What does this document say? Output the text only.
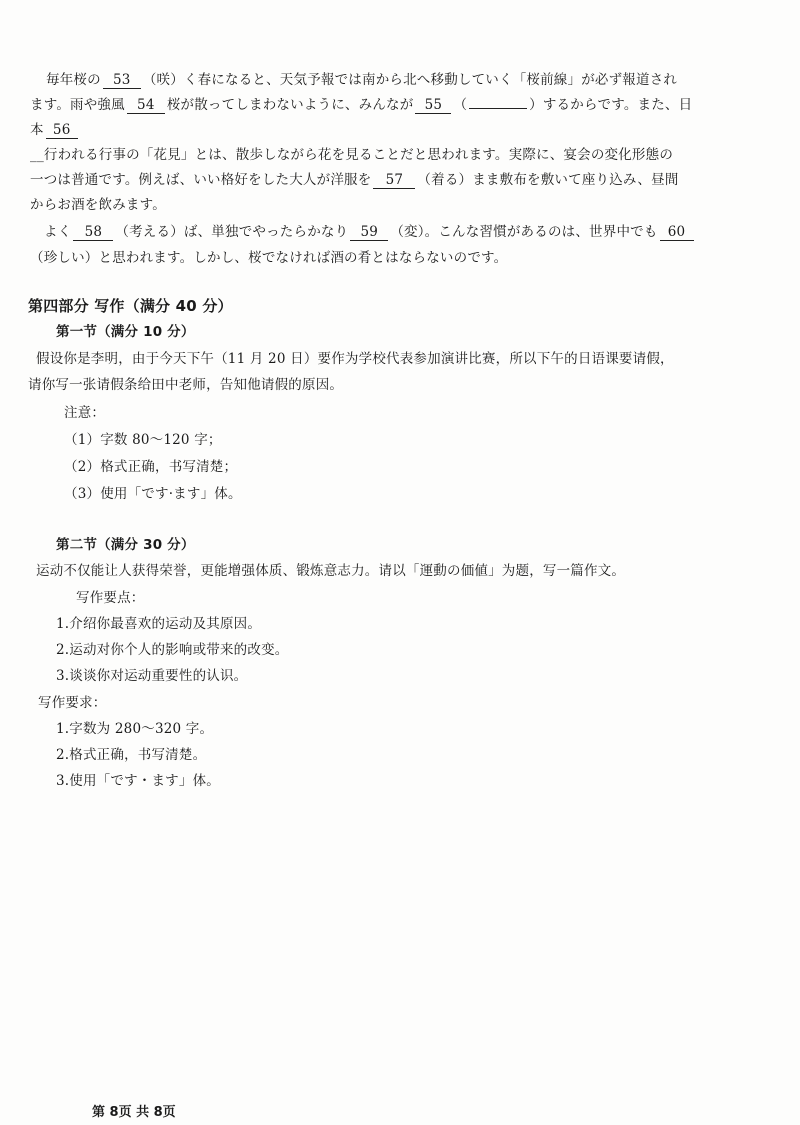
毎年桜の 53 （咲）く春になると、天気予報では南から北へ移動していく「桜前線」が必ず報道され
ます。雨や強風 54 桜が散ってしまわないように、みんなが 55 （	）するからです。また、日
本 56
__行われる行事の「花見」とは、散歩しながら花を見ることだと思われます。実際に、宴会の変化形態の
一つは普通です。例えば、いい格好をした大人が洋服を 57 （着る）まま敷布を敷いて座り込み、昼間
からお酒を飲みます。
よく 58 （考える）ば、単独でやったらかなり 59 （変）。こんな習慣があるのは、世界中でも 60
（珍しい）と思われます。しかし、桜でなければ酒の肴とはならないのです。
第四部分 写作（满分 40 分）
第一节（满分 10 分）
假设你是李明，由于今天下午（11 月 20 日）要作为学校代表参加演讲比赛，所以下午的日语课要请假，
请你写一张请假条给田中老师，告知他请假的原因。
注意：
（1）字数 80～120 字；
（2）格式正确，书写清楚；
（3）使用「です·ます」体。
第二节（满分 30 分）
运动不仅能让人获得荣誉，更能增强体质、锻炼意志力。请以「運動の価値」为题，写一篇作文。
写作要点：
1.介绍你最喜欢的运动及其原因。
2.运动对你个人的影响或带来的改变。
3.谈谈你对运动重要性的认识。
写作要求：
1.字数为 280～320 字。
2.格式正确，书写清楚。
3.使用「です・ます」体。
第 8页 共 8页
